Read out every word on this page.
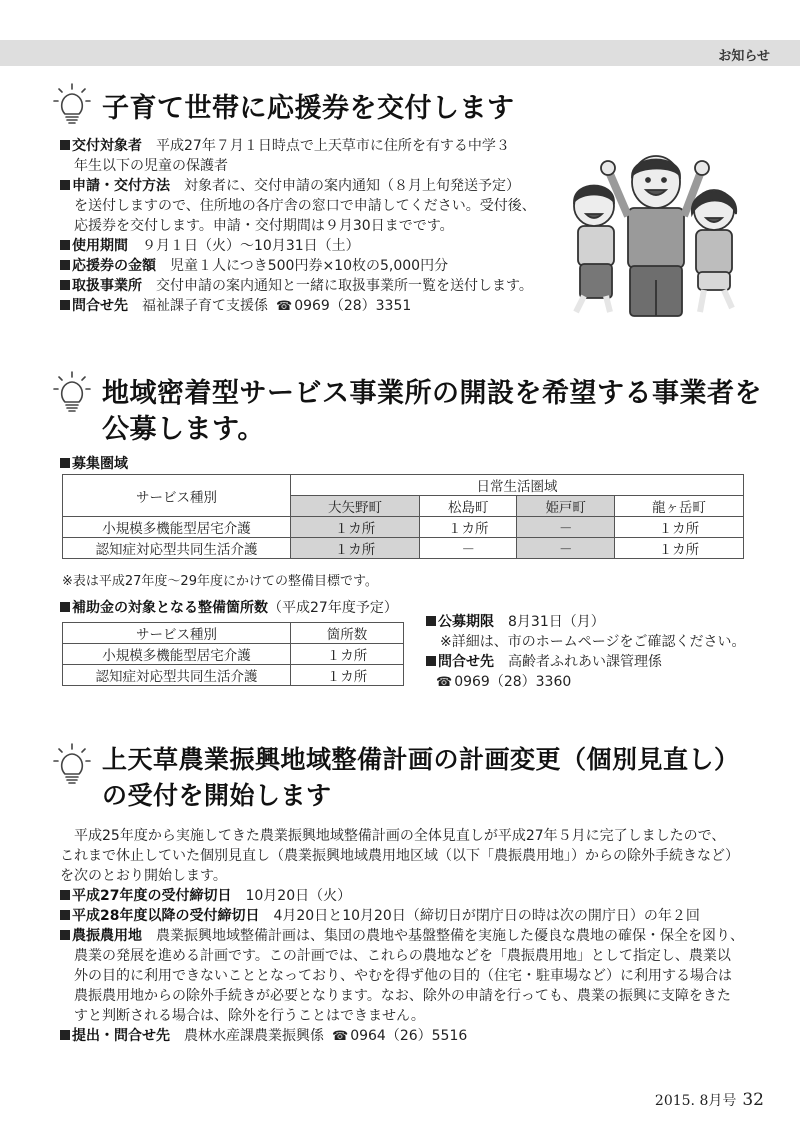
お知らせ
子育て世帯に応援券を交付します
交付対象者　 平成27年７月１日時点で上天草市に住所を有する中学３
年生以下の児童の保護者
申請・交付方法　 対象者に、交付申請の案内通知（８月上旬発送予定）
を送付しますので、住所地の各庁舎の窓口で申請してください。受付後、
応援券を交付します。申請・交付期間は９月30日までです。
使用期間　 ９月１日（火）～10月31日（土）
応援券の金額　 児童１人につき500円券×10枚の5,000円分
取扱事業所　 交付申請の案内通知と一緒に取扱事業所一覧を送付します。
問合せ先　 福祉課子育て支援係 ☎ 0969（28）3351
地域密着型サービス事業所の開設を希望する事業者を
公募します。
募集圏域
サービス種別	日常生活圏域			
	大矢野町	松島町	姫戸町	龍ヶ岳町
小規模多機能型居宅介護	１カ所	１カ所	－	１カ所
認知症対応型共同生活介護	１カ所	－	－	１カ所
※表は平成27年度～29年度にかけての整備目標です。
補助金の対象となる整備箇所数（平成27年度予定）
サービス種別	箇所数
小規模多機能型居宅介護	１カ所
認知症対応型共同生活介護	１カ所
公募期限　 8月31日（月）
※詳細は、市のホームページをご確認ください。
問合せ先　 高齢者ふれあい課管理係
☎ 0969（28）3360
上天草農業振興地域整備計画の計画変更（個別見直し）
の受付を開始します
平成25年度から実施してきた農業振興地域整備計画の全体見直しが平成27年５月に完了しましたので、
これまで休止していた個別見直し（農業振興地域農用地区域（以下「農振農用地」）からの除外手続きなど）
を次のとおり開始します。
平成27年度の受付締切日　 10月20日（火）
平成28年度以降の受付締切日　 4月20日と10月20日（締切日が閉庁日の時は次の開庁日）の年２回
農振農用地　 農業振興地域整備計画は、集団の農地や基盤整備を実施した優良な農地の確保・保全を図り、
農業の発展を進める計画です。この計画では、これらの農地などを「農振農用地」として指定し、農業以
外の目的に利用できないこととなっており、やむを得ず他の目的（住宅・駐車場など）に利用する場合は
農振農用地からの除外手続きが必要となります。なお、除外の申請を行っても、農業の振興に支障をきた
すと判断される場合は、除外を行うことはできません。
提出・問合せ先　 農林水産課農業振興係 ☎ 0964（26）5516
2015. 8月号 32
